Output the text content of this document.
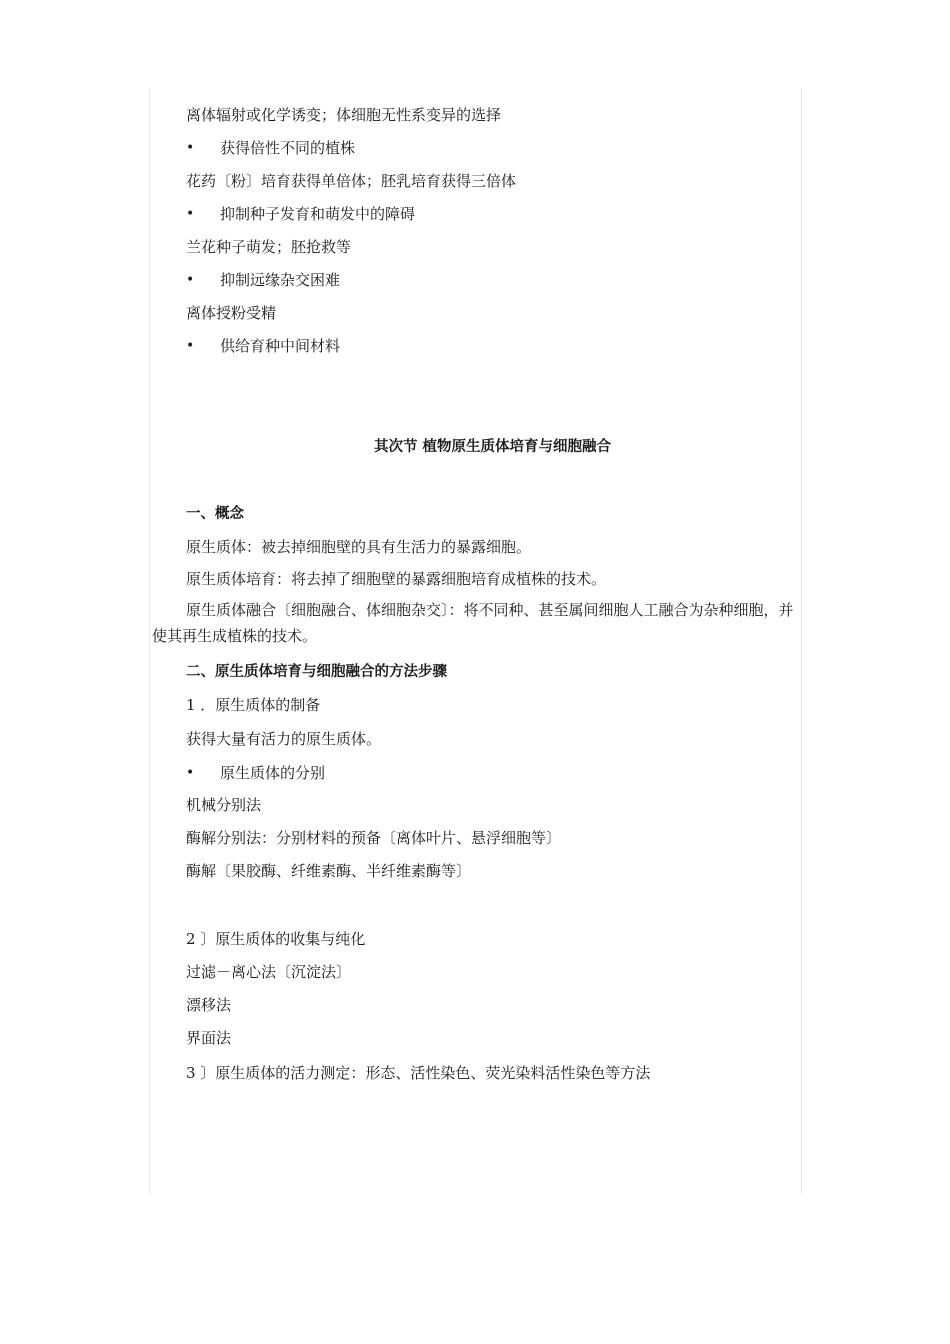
离体辐射或化学诱变；体细胞无性系变异的选择
• 获得倍性不同的植株
花药〔粉〕培育获得单倍体；胚乳培育获得三倍体
• 抑制种子发育和萌发中的障碍
兰花种子萌发；胚抢救等
• 抑制远缘杂交困难
离体授粉受精
• 供给育种中间材料
其次节 植物原生质体培育与细胞融合
一、概念
原生质体：被去掉细胞壁的具有生活力的暴露细胞。
原生质体培育：将去掉了细胞壁的暴露细胞培育成植株的技术。
原生质体融合〔细胞融合、体细胞杂交〕：将不同种、甚至属间细胞人工融合为杂种细胞，并使其再生成植株的技术。
二、原生质体培育与细胞融合的方法步骤
1 ．原生质体的制备
获得大量有活力的原生质体。
• 原生质体的分别
机械分别法
酶解分别法：分别材料的预备〔离体叶片、悬浮细胞等〕
酶解〔果胶酶、纤维素酶、半纤维素酶等〕
2 〕原生质体的收集与纯化
过滤－离心法〔沉淀法〕
漂移法
界面法
3 〕原生质体的活力测定：形态、活性染色、荧光染料活性染色等方法
